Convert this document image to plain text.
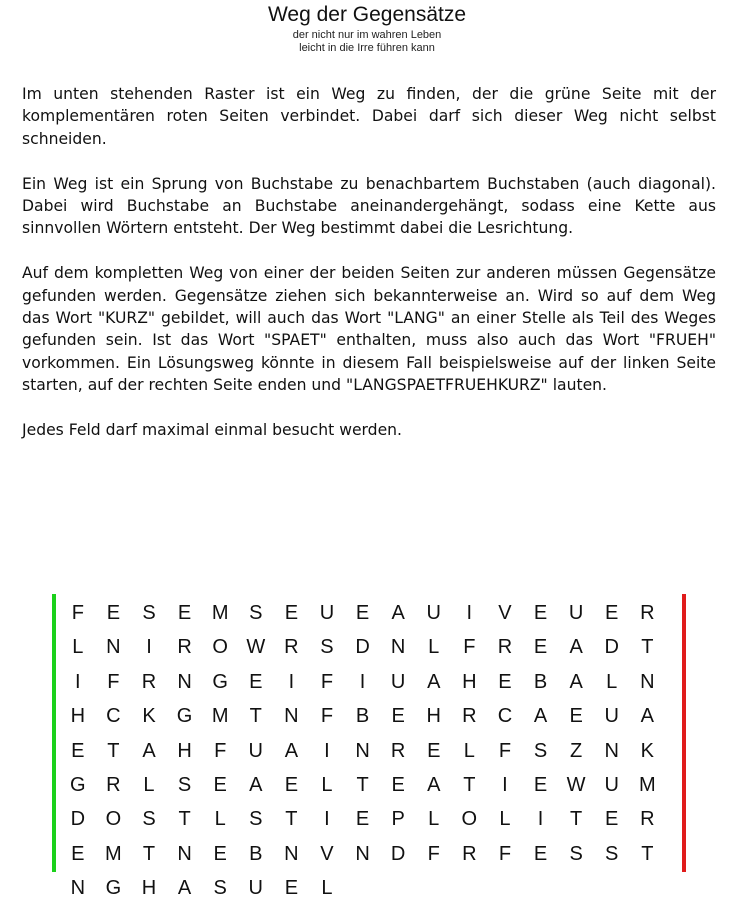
Weg der Gegensätze
der nicht nur im wahren Leben
leicht in die Irre führen kann

Im unten stehenden Raster ist ein Weg zu finden, der die grüne Seite mit der komplementären roten Seiten verbindet. Dabei darf sich dieser Weg nicht selbst schneiden.

Ein Weg ist ein Sprung von Buchstabe zu benachbartem Buchstaben (auch diagonal). Dabei wird Buchstabe an Buchstabe aneinandergehängt, sodass eine Kette aus sinnvollen Wörtern entsteht. Der Weg bestimmt dabei die Lesrichtung.

Auf dem kompletten Weg von einer der beiden Seiten zur anderen müssen Gegensätze gefunden werden. Gegensätze ziehen sich bekannterweise an. Wird so auf dem Weg das Wort "KURZ" gebildet, will auch das Wort "LANG" an einer Stelle als Teil des Weges gefunden sein. Ist das Wort "SPAET" enthalten, muss also auch das Wort "FRUEH" vorkommen. Ein Lösungsweg könnte in diesem Fall beispielsweise auf der linken Seite starten, auf der rechten Seite enden und "LANGSPAETFRUEHKURZ" lauten.

Jedes Feld darf maximal einmal besucht werden.

F	E	S	E	M	S	E	U	E	A	U	I	V	E	U	E	R
L	N	I	R	O W R	S	D	N	L	F	R	E	A	D	T
I	F	R	N	G	E	I	F	I	U	A	H	E	B	A	L	N
H	C	K	G M	T	N	F	B	E	H	R	C	A	E	U	A
E	T	A	H	F	U	A	I	N	R	E	L	F	S	Z	N	K
G	R	L	S	E	A	E	L	T	E	A	T	I	E W U	M
D	O	S	T	L	S	T	I	E	P	L	O	L	I	T	E	R
E	M	T	N	E	B	N	V	N	D	F	R	F	E	S	S	T
N	G	H	A	S	U	E	L
